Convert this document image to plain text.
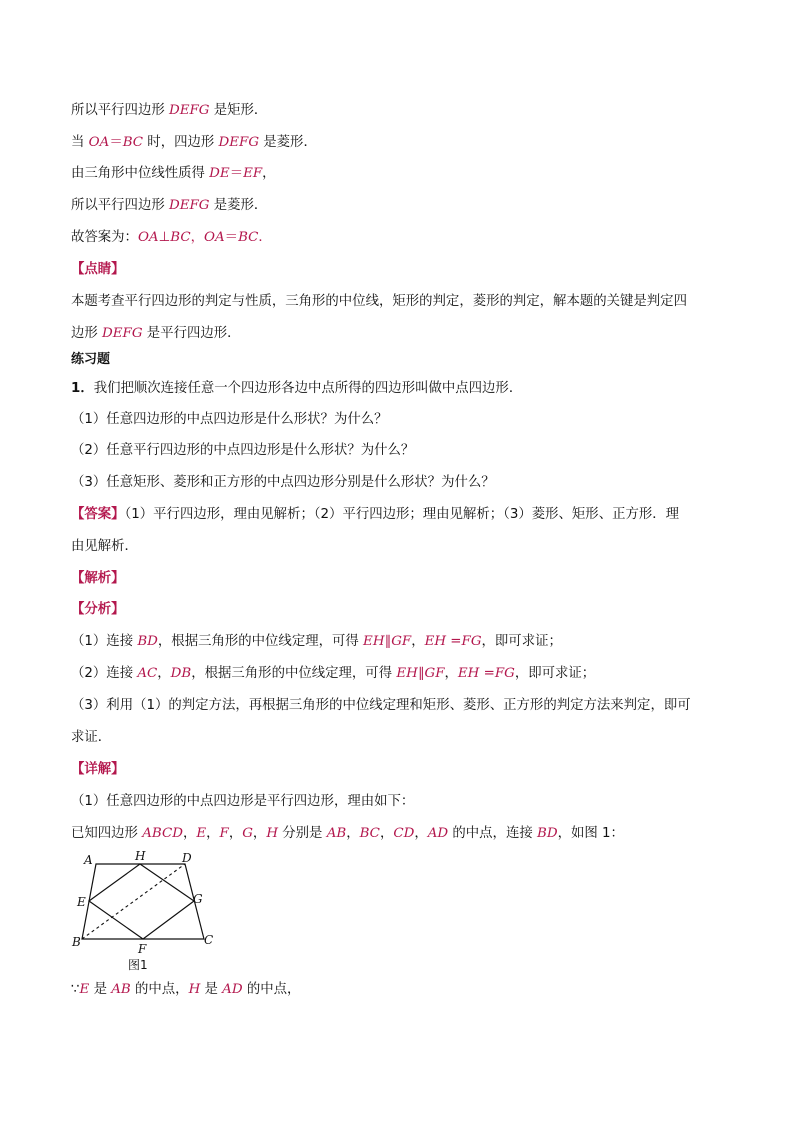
所以平行四边形 DEFG 是矩形．
当 OA＝BC 时，四边形 DEFG 是菱形．
由三角形中位线性质得 DE＝EF，
所以平行四边形 DEFG 是菱形．
故答案为：OA⊥BC，OA＝BC．
【点睛】
本题考查平行四边形的判定与性质，三角形的中位线，矩形的判定，菱形的判定，解本题的关键是判定四
边形 DEFG 是平行四边形．
练习题
1．我们把顺次连接任意一个四边形各边中点所得的四边形叫做中点四边形．
（1）任意四边形的中点四边形是什么形状？为什么？
（2）任意平行四边形的中点四边形是什么形状？为什么？
（3）任意矩形、菱形和正方形的中点四边形分别是什么形状？为什么？
【答案】（1）平行四边形，理由见解析；（2）平行四边形；理由见解析；（3）菱形、矩形、正方形．理
由见解析．
【解析】
【分析】
（1）连接 BD，根据三角形的中位线定理，可得 EH∥GF，EH =FG，即可求证；
（2）连接 AC，DB，根据三角形的中位线定理，可得 EH∥GF，EH =FG，即可求证；
（3）利用（1）的判定方法，再根据三角形的中位线定理和矩形、菱形、正方形的判定方法来判定，即可
求证．
【详解】
（1）任意四边形的中点四边形是平行四边形，理由如下：
已知四边形 ABCD，E，F，G，H 分别是 AB，BC，CD，AD 的中点，连接 BD，如图 1：
A	H	D
E	G
B	F
C
图1
∵E 是 AB 的中点，H 是 AD 的中点，
